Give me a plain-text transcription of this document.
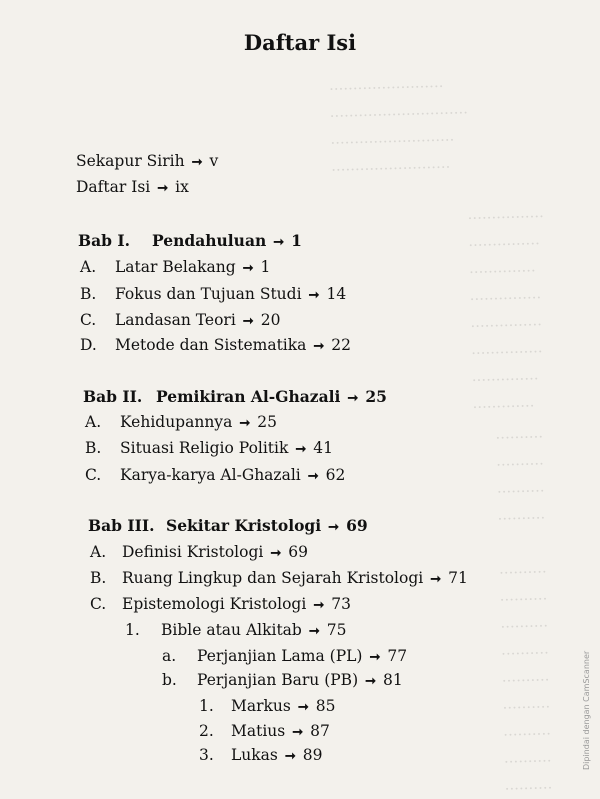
........................
.............................
..........................
.........................
................
...............
..............
...............
...............
...............
..............
.............
..........
..........
..........
..........

..........
..........
..........
..........
..........
..........
..........
..........
..........
Daftar Isi
Sekapur Sirih ➞ v
Daftar Isi ➞ ix
Bab I. Pendahuluan ➞ 1
A. Latar Belakang ➞ 1
B. Fokus dan Tujuan Studi ➞ 14
C. Landasan Teori ➞ 20
D. Metode dan Sistematika ➞ 22
Bab II. Pemikiran Al-Ghazali ➞ 25
A. Kehidupannya ➞ 25
B. Situasi Religio Politik ➞ 41
C. Karya-karya Al-Ghazali ➞ 62
Bab III. Sekitar Kristologi ➞ 69
A. Definisi Kristologi ➞ 69
B. Ruang Lingkup dan Sejarah Kristologi ➞ 71
C. Epistemologi Kristologi ➞ 73
1. Bible atau Alkitab ➞ 75
a. Perjanjian Lama (PL) ➞ 77
b. Perjanjian Baru (PB) ➞ 81
1. Markus ➞ 85
2. Matius ➞ 87
3. Lukas ➞ 89	Dipindai dengan CamScanner
